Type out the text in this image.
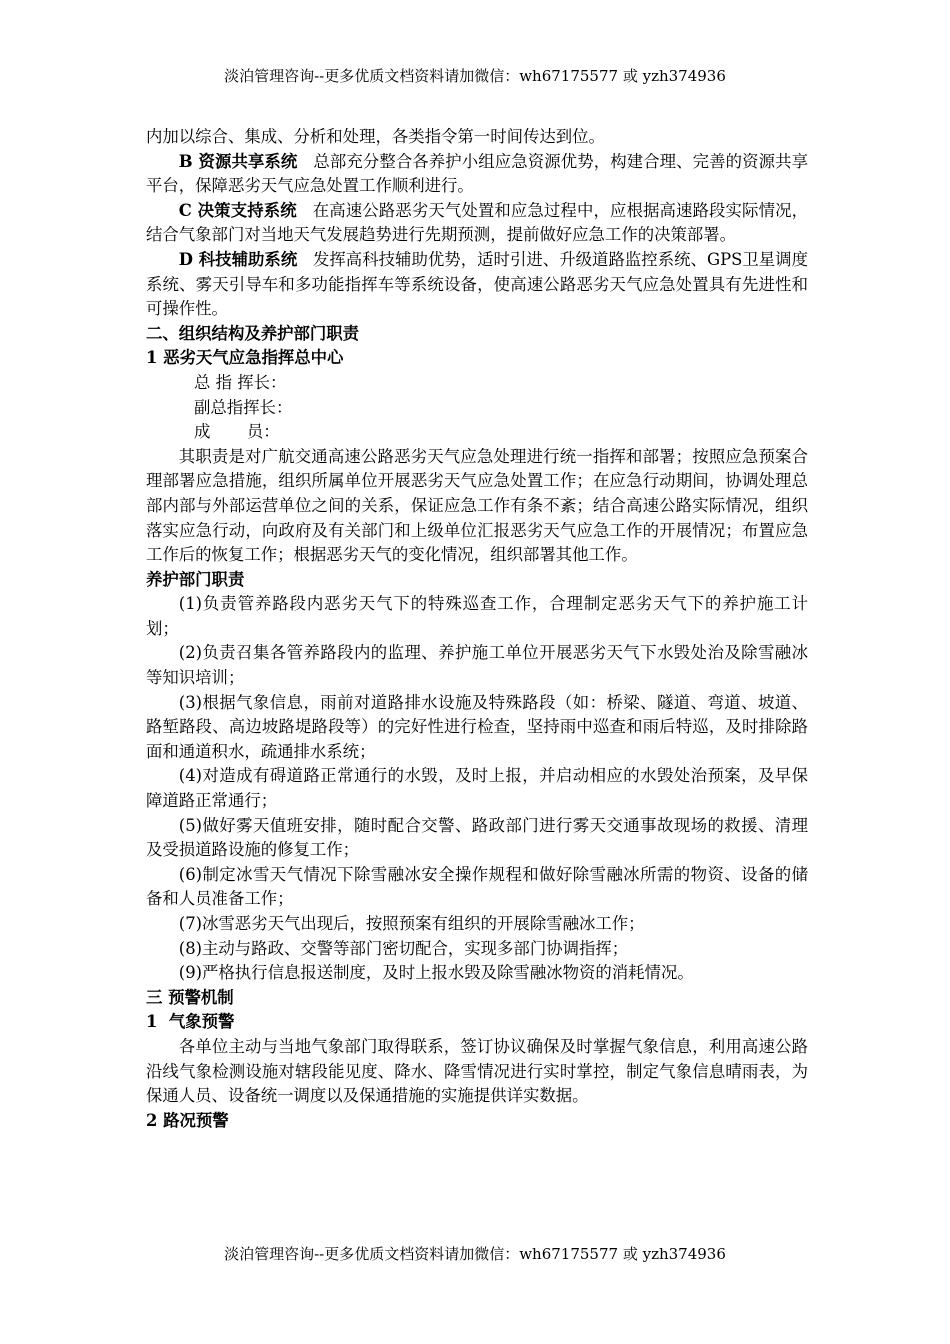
淡泊管理咨询--更多优质文档资料请加微信：wh67175577 或 yzh374936

内加以综合、集成、分析和处理，各类指令第一时间传达到位。

B 资源共享系统 总部充分整合各养护小组应急资源优势，构建合理、完善的资源共享平台，保障恶劣天气应急处置工作顺利进行。

C 决策支持系统 在高速公路恶劣天气处置和应急过程中，应根据高速路段实际情况，结合气象部门对当地天气发展趋势进行先期预测，提前做好应急工作的决策部署。

D 科技辅助系统 发挥高科技辅助优势，适时引进、升级道路监控系统、GPS卫星调度系统、雾天引导车和多功能指挥车等系统设备，使高速公路恶劣天气应急处置具有先进性和可操作性。

二、组织结构及养护部门职责

1 恶劣天气应急指挥总中心

总 指 挥长：

副总指挥长：

成       员：

其职责是对广航交通高速公路恶劣天气应急处理进行统一指挥和部署；按照应急预案合理部署应急措施，组织所属单位开展恶劣天气应急处置工作；在应急行动期间，协调处理总部内部与外部运营单位之间的关系，保证应急工作有条不紊；结合高速公路实际情况，组织落实应急行动，向政府及有关部门和上级单位汇报恶劣天气应急工作的开展情况；布置应急工作后的恢复工作；根据恶劣天气的变化情况，组织部署其他工作。

养护部门职责

(1)负责管养路段内恶劣天气下的特殊巡查工作，合理制定恶劣天气下的养护施工计划；

(2)负责召集各管养路段内的监理、养护施工单位开展恶劣天气下水毁处治及除雪融冰等知识培训；

(3)根据气象信息，雨前对道路排水设施及特殊路段（如：桥梁、隧道、弯道、坡道、路堑路段、高边坡路堤路段等）的完好性进行检查，坚持雨中巡查和雨后特巡，及时排除路面和通道积水，疏通排水系统；

(4)对造成有碍道路正常通行的水毁，及时上报，并启动相应的水毁处治预案，及早保障道路正常通行；

(5)做好雾天值班安排，随时配合交警、路政部门进行雾天交通事故现场的救援、清理及受损道路设施的修复工作；

(6)制定冰雪天气情况下除雪融冰安全操作规程和做好除雪融冰所需的物资、设备的储备和人员准备工作；

(7)冰雪恶劣天气出现后，按照预案有组织的开展除雪融冰工作；

(8)主动与路政、交警等部门密切配合，实现多部门协调指挥；

(9)严格执行信息报送制度，及时上报水毁及除雪融冰物资的消耗情况。

三 预警机制

1  气象预警

各单位主动与当地气象部门取得联系，签订协议确保及时掌握气象信息，利用高速公路沿线气象检测设施对辖段能见度、降水、降雪情况进行实时掌控，制定气象信息晴雨表，为保通人员、设备统一调度以及保通措施的实施提供详实数据。

2 路况预警

淡泊管理咨询--更多优质文档资料请加微信：wh67175577 或 yzh374936
